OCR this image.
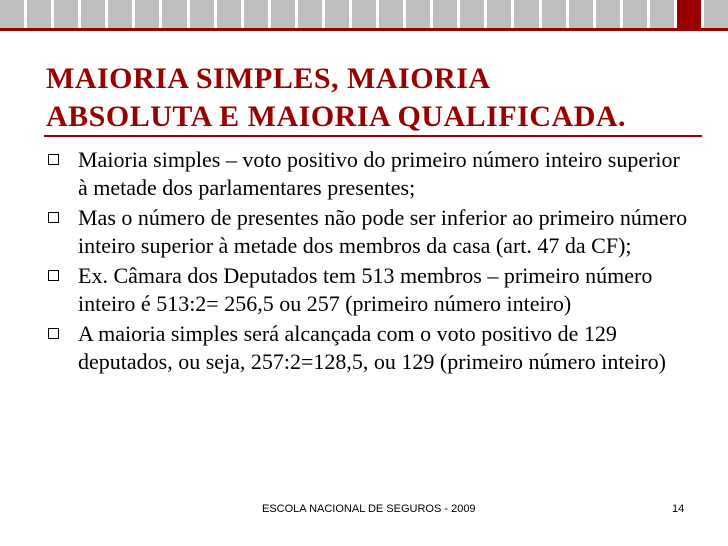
MAIORIA SIMPLES, MAIORIA
ABSOLUTA E MAIORIA QUALIFICADA.
Maioria simples – voto positivo do primeiro número inteiro superior à metade dos parlamentares presentes;
Mas o número de presentes não pode ser inferior ao primeiro número inteiro superior à metade dos membros da casa (art. 47 da CF);
Ex. Câmara dos Deputados tem 513 membros – primeiro número inteiro é 513:2= 256,5 ou 257 (primeiro número inteiro)
A maioria simples será alcançada com o voto positivo de 129 deputados, ou seja, 257:2=128,5, ou 129 (primeiro número inteiro)
ESCOLA NACIONAL DE SEGUROS - 2009	14
